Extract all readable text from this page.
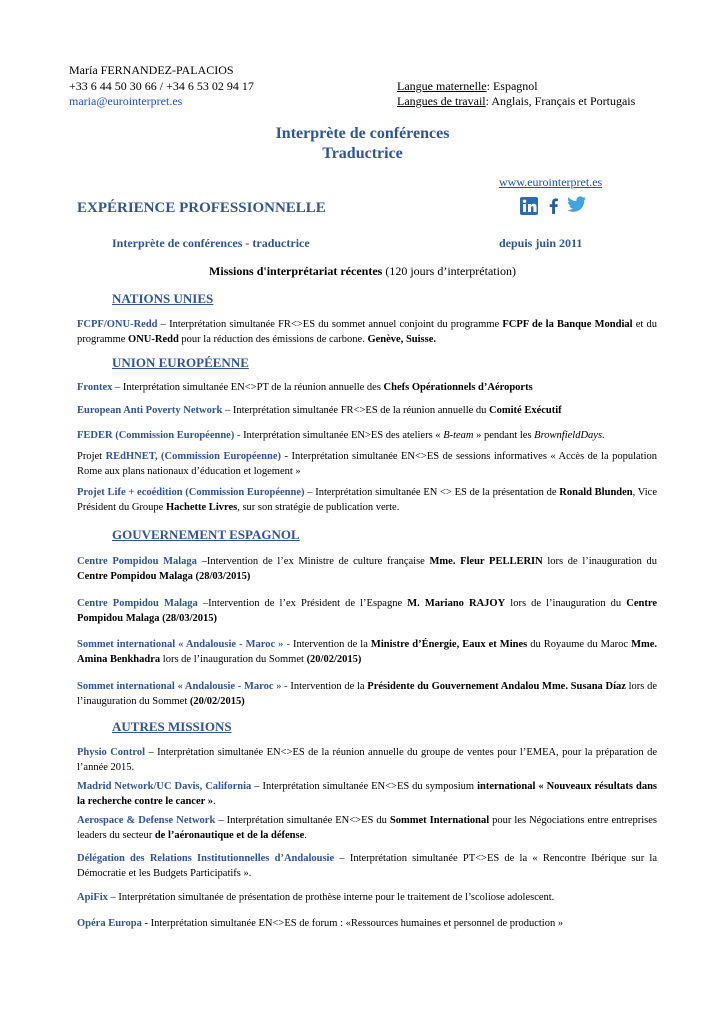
María FERNANDEZ-PALACIOS
+33 6 44 50 30 66 / +34 6 53 02 94 17
maria@eurointerpret.es
Langue maternelle: Espagnol
Langues de travail: Anglais, Français et Portugais
Interprète de conférences
Traductrice
www.eurointerpret.es
EXPÉRIENCE PROFESSIONNELLE
Interprète de conférences - traductrice	depuis juin 2011
Missions d'interprétariat récentes (120 jours d’interprétation)
NATIONS UNIES
FCPF/ONU-Redd – Interprétation simultanée FR<>ES du sommet annuel conjoint du programme FCPF de la Banque Mondial et du programme ONU-Redd pour la réduction des émissions de carbone. Genève, Suisse.
UNION EUROPÉENNE
Frontex – Interprétation simultanée EN<>PT de la réunion annuelle des Chefs Opérationnels d’Aéroports
European Anti Poverty Network – Interprétation simultanée FR<>ES de la réunion annuelle du Comité Exécutif
FEDER (Commission Européenne) - Interprétation simultanée EN>ES des ateliers « B-team » pendant les BrownfieldDays.
Projet REdHNET, (Commission Européenne) - Interprétation simultanée EN<>ES de sessions informatives « Accès de la population Rome aux plans nationaux d’éducation et logement »
Projet Life + ecoédition (Commission Européenne) – Interprétation simultanée EN <> ES de la présentation de Ronald Blunden, Vice Président du Groupe Hachette Livres, sur son stratégie de publication verte.
GOUVERNEMENT ESPAGNOL
Centre Pompidou Malaga –Intervention de l’ex Ministre de culture française Mme. Fleur PELLERIN lors de l’inauguration du Centre Pompidou Malaga (28/03/2015)
Centre Pompidou Malaga –Intervention de l’ex Président de l’Espagne M. Mariano RAJOY lors de l’inauguration du Centre Pompidou Malaga (28/03/2015)
Sommet international « Andalousie - Maroc » - Intervention de la Ministre d’Énergie, Eaux et Mines du Royaume du Maroc Mme. Amina Benkhadra lors de l’inauguration du Sommet (20/02/2015)
Sommet international « Andalousie - Maroc » - Intervention de la Présidente du Gouvernement Andalou Mme. Susana Díaz lors de l’inauguration du Sommet (20/02/2015)
AUTRES MISSIONS
Physio Control – Interprétation simultanée EN<>ES de la réunion annuelle du groupe de ventes pour l’EMEA, pour la préparation de l’année 2015.
Madrid Network/UC Davis, California – Interprétation simultanée EN<>ES du symposium international « Nouveaux résultats dans la recherche contre le cancer ».
Aerospace & Defense Network – Interprétation simultanée EN<>ES du Sommet International pour les Négociations entre entreprises leaders du secteur de l’aéronautique et de la défense.
Délégation des Relations Institutionnelles d’Andalousie – Interprétation simultanée PT<>ES de la « Rencontre Ibérique sur la Démocratie et les Budgets Participatifs ».
ApiFix – Interprétation simultanée de présentation de prothèse interne pour le traitement de l’scoliose adolescent.
Opéra Europa - Interprétation simultanée EN<>ES de forum : «Ressources humaines et personnel de production »
